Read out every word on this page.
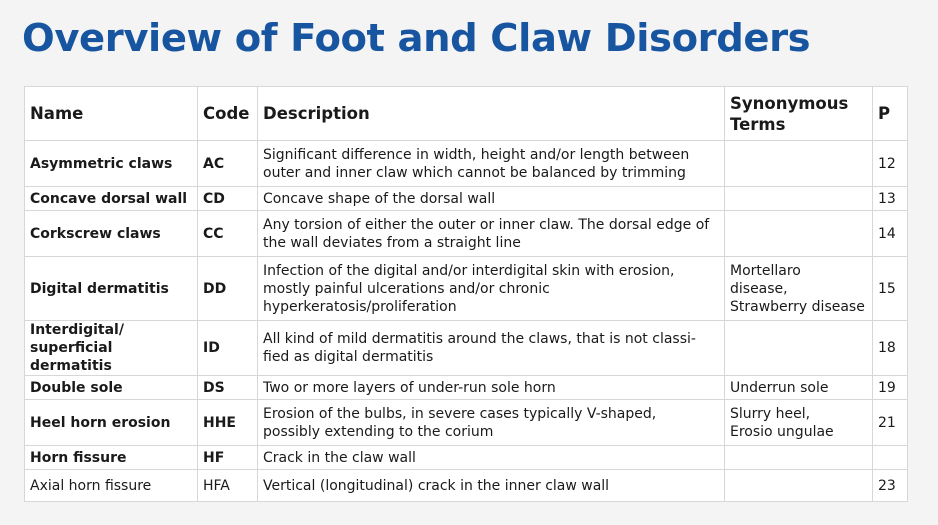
Overview of Foot and Claw Disorders
Name	Code	Description	Synonymous
Terms	P
Asymmetric claws	AC	Significant difference in width, height and/or length between
outer and inner claw which cannot be balanced by trimming		12
Concave dorsal wall	CD	Concave shape of the dorsal wall		13
Corkscrew claws	CC	Any torsion of either the outer or inner claw. The dorsal edge of
the wall deviates from a straight line		14
Digital dermatitis	DD	Infection of the digital and/or interdigital skin with erosion,
mostly painful ulcerations and/or chronic
hyperkeratosis/proliferation	Mortellaro
disease,
Strawberry disease	15
Interdigital/
superficial dermatitis	ID	All kind of mild dermatitis around the claws, that is not classi-
fied as digital dermatitis		18
Double sole	DS	Two or more layers of under-run sole horn	Underrun sole	19
Heel horn erosion	HHE	Erosion of the bulbs, in severe cases typically V-shaped,
possibly extending to the corium	Slurry heel,
Erosio ungulae	21
Horn fissure	HF	Crack in the claw wall		
Axial horn fissure	HFA	Vertical (longitudinal) crack in the inner claw wall		23
